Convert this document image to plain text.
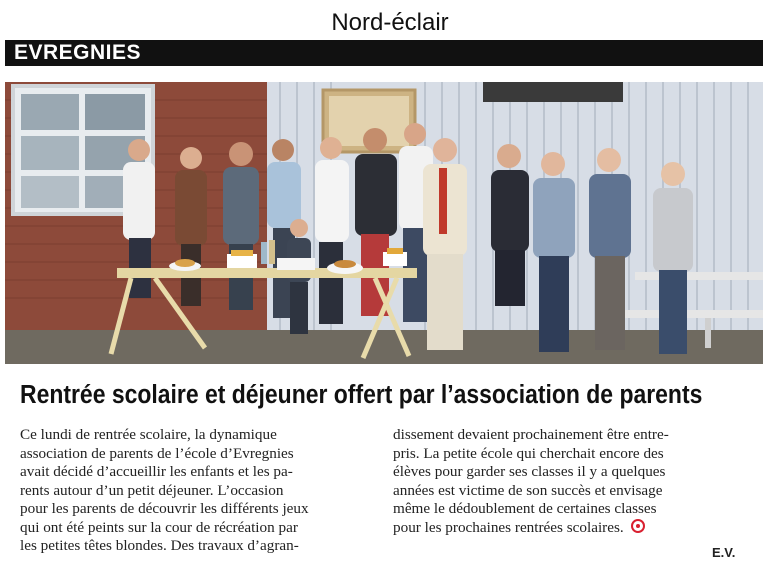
Nord-éclair
EVREGNIES
Rentrée scolaire et déjeuner offert par l’association de parents
Ce lundi de rentrée scolaire, la dynamique
association de parents de l’école d’Evregnies
avait décidé d’accueillir les enfants et les pa-
rents autour d’un petit déjeuner. L’occasion
pour les parents de découvrir les différents jeux
qui ont été peints sur la cour de récréation par
les petites têtes blondes. Des travaux d’agran-
dissement devaient prochainement être entre-
pris. La petite école qui cherchait encore des
élèves pour garder ses classes il y a quelques
années est victime de son succès et envisage
même le dédoublement de certaines classes
pour les prochaines rentrées scolaires.
E.V.
